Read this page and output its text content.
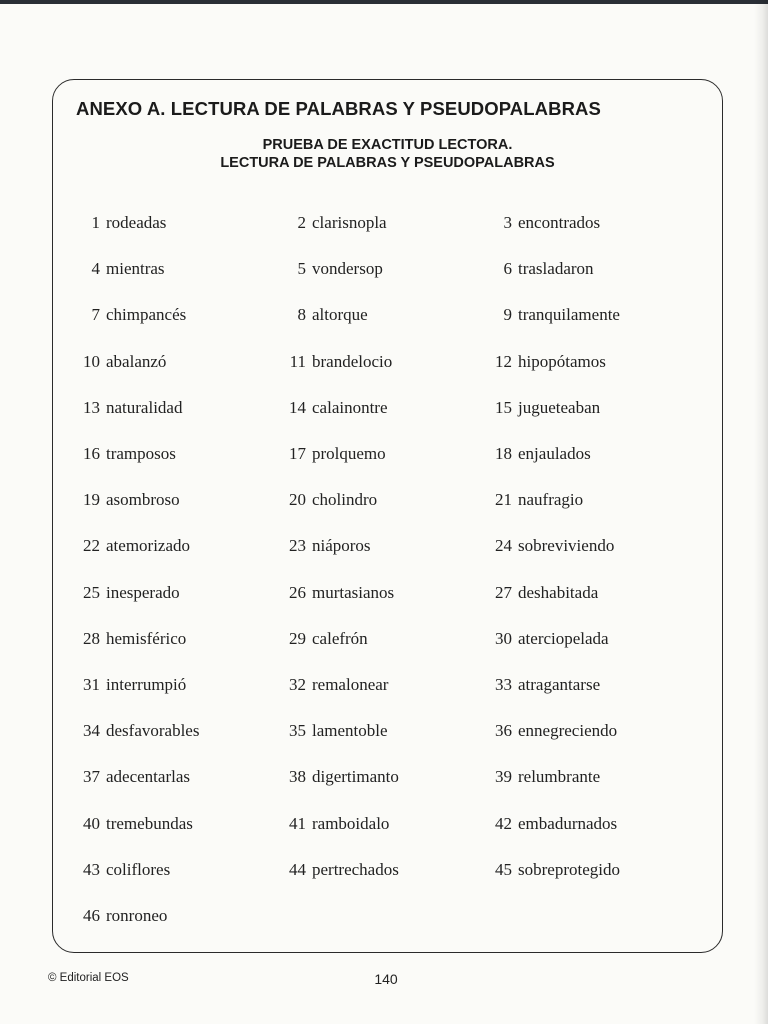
ANEXO A. LECTURA DE PALABRAS Y PSEUDOPALABRAS
PRUEBA DE EXACTITUD LECTORA.
LECTURA DE PALABRAS Y PSEUDOPALABRAS
1 rodeadas	2 clarisnopla	3 encontrados
4 mientras	5 vondersop	6 trasladaron
7 chimpancés	8 altorque	9 tranquilamente
10 abalanzó	11 brandelocio	12 hipopótamos
13 naturalidad	14 calainontre	15 jugueteaban
16 tramposos	17 prolquemo	18 enjaulados
19 asombroso	20 cholindro	21 naufragio
22 atemorizado	23 niáporos	24 sobreviviendo
25 inesperado	26 murtasianos	27 deshabitada
28 hemisférico	29 calefrón	30 aterciopelada
31 interrumpió	32 remalonear	33 atragantarse
34 desfavorables	35 lamentoble	36 ennegreciendo
37 adecentarlas	38 digertimanto	39 relumbrante
40 tremebundas	41 ramboidalo	42 embadurnados
43 coliflores	44 pertrechados	45 sobreprotegido
46 ronroneo
© Editorial EOS	140
